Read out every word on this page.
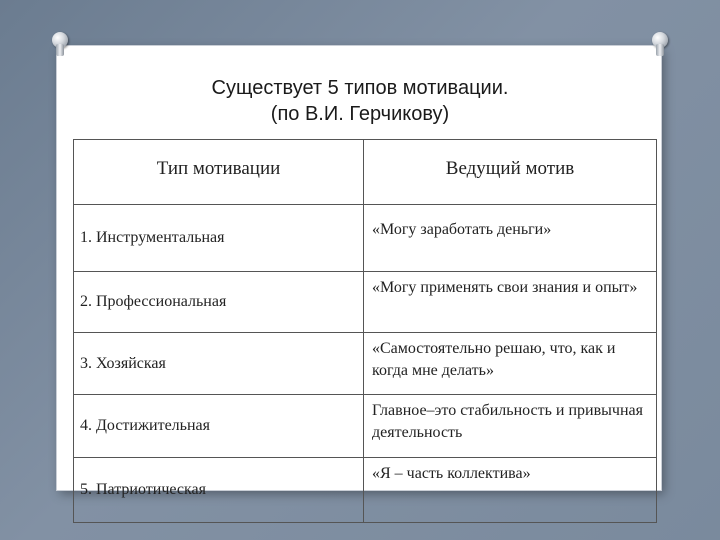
Существует 5 типов мотивации.
(по В.И. Герчикову)
Тип мотивации	Ведущий мотив
1. Инструментальная	«Могу заработать деньги»
2. Профессиональная	«Могу применять свои знания и опыт»
3. Хозяйская	«Самостоятельно решаю, что, как и когда мне делать»
4. Достижительная	Главное–это стабильность и привычная деятельность
5. Патриотическая	«Я – часть коллектива»
